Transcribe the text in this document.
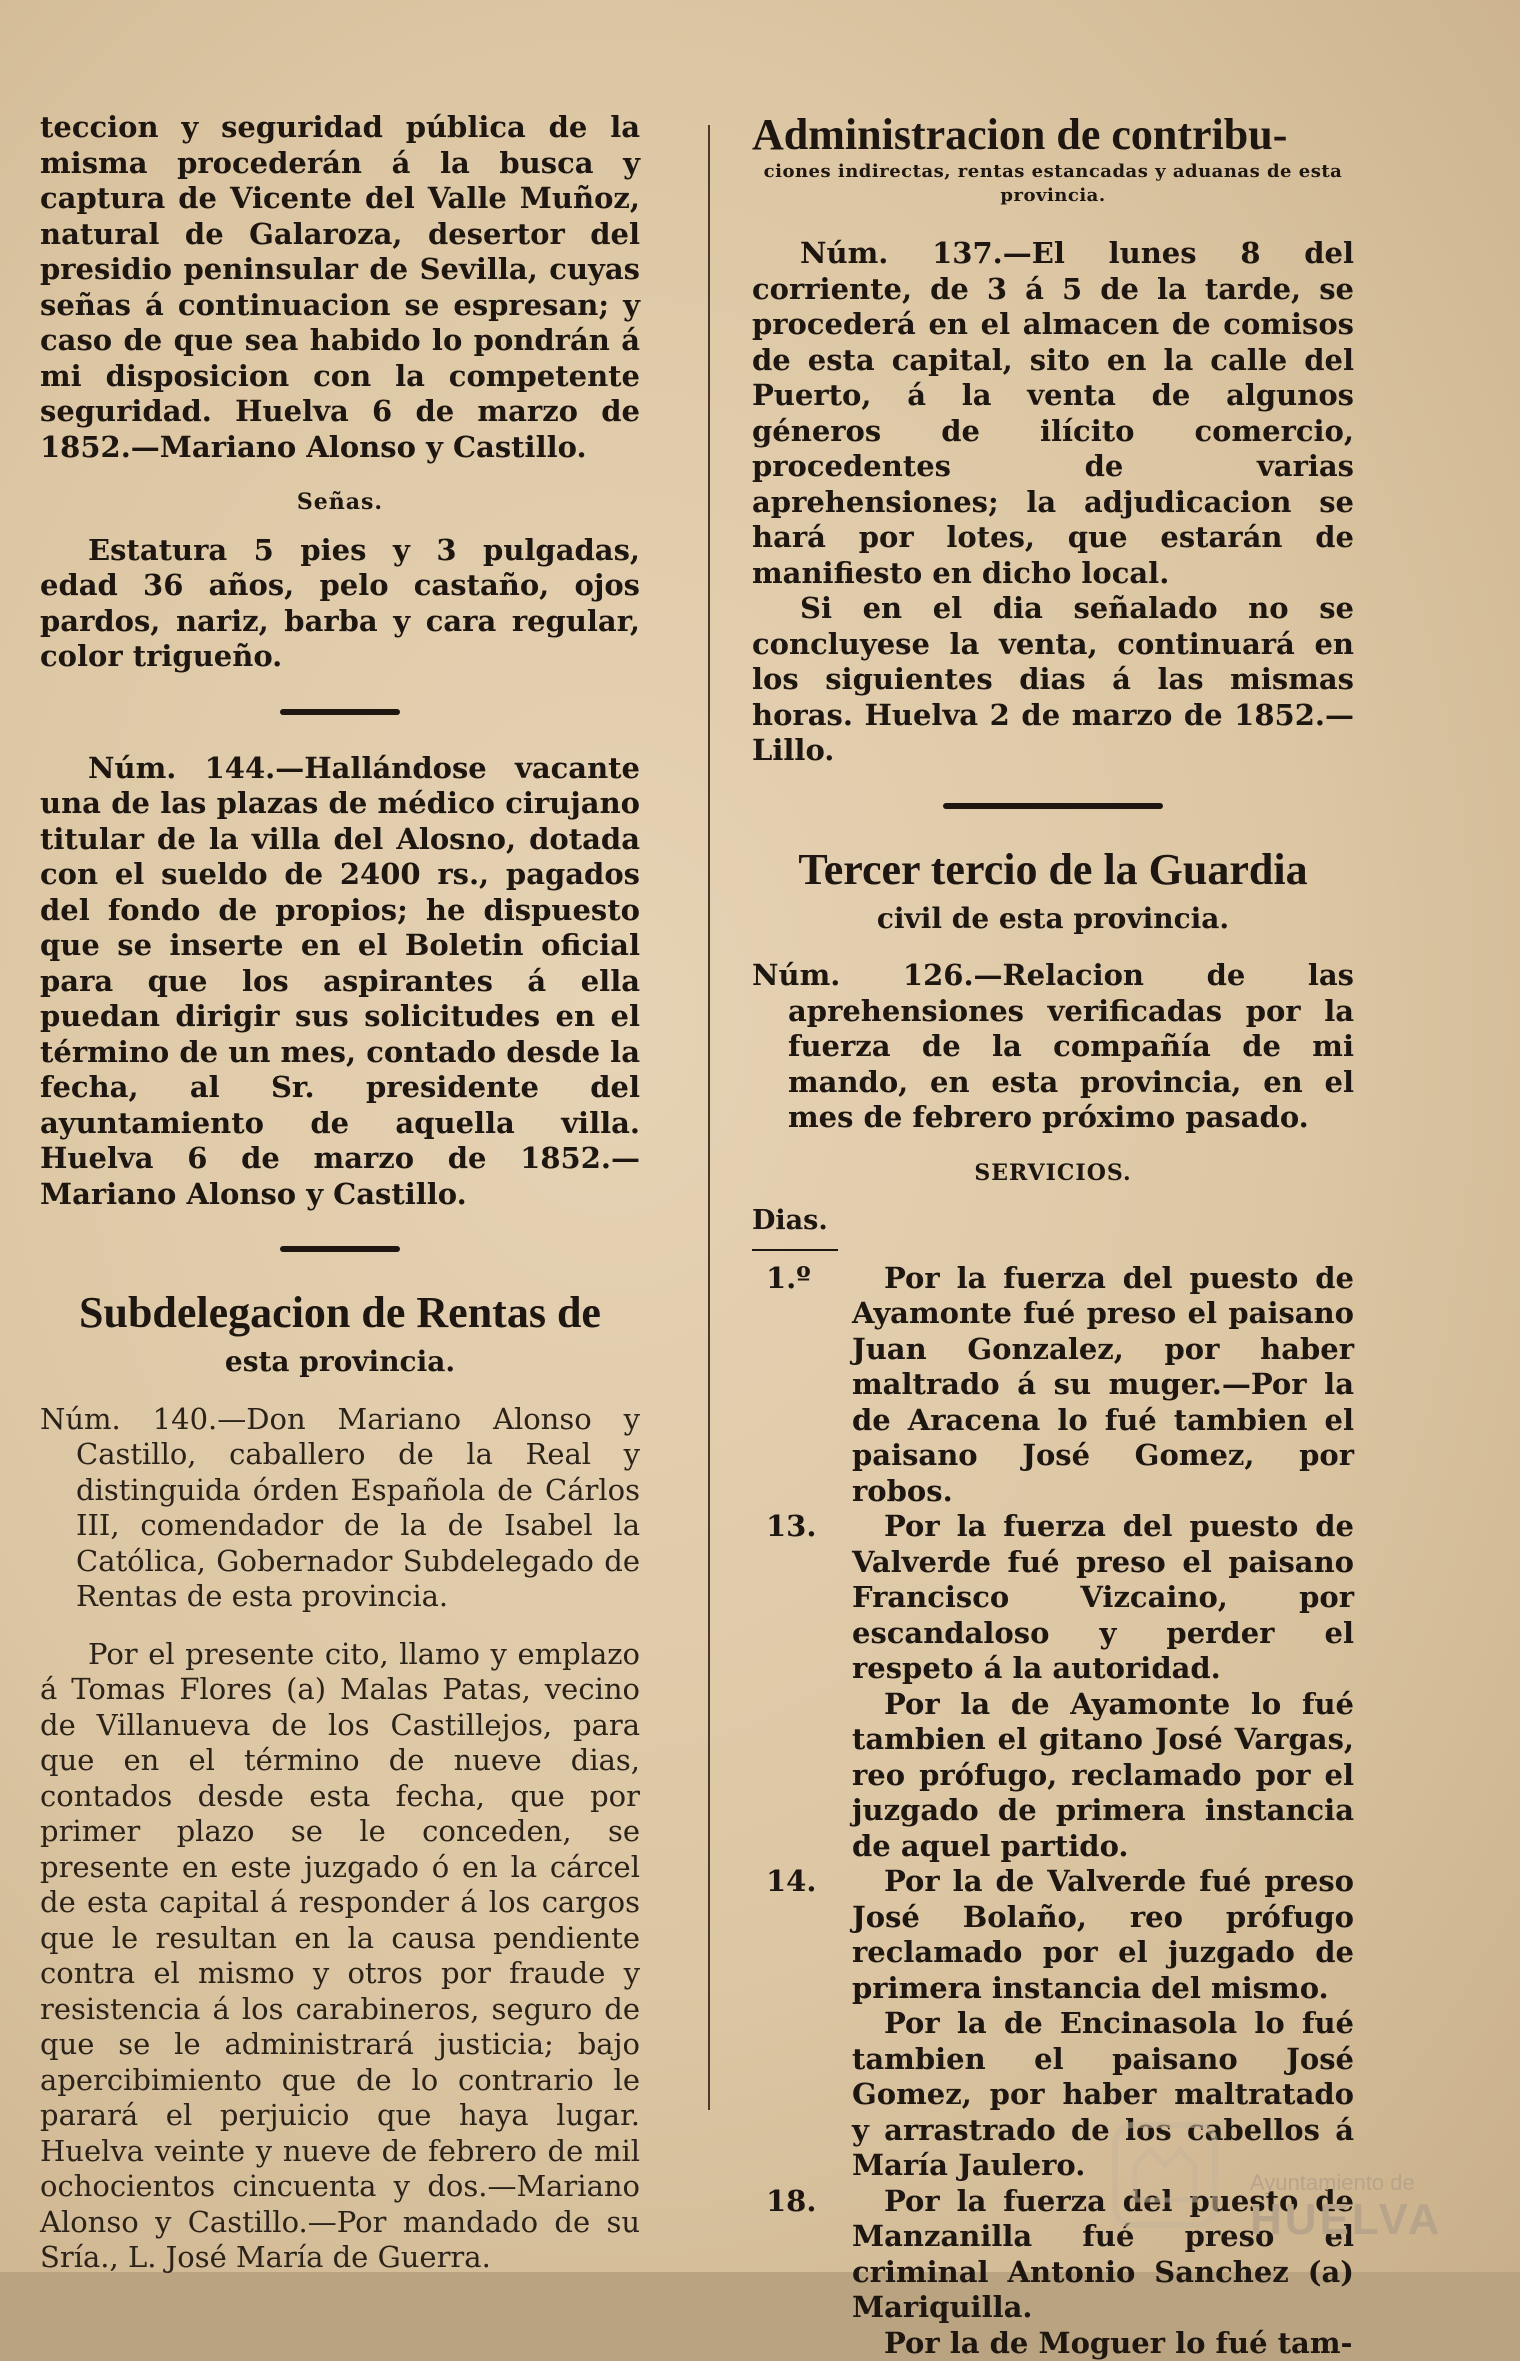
teccion y seguridad pública de la misma procederán á la busca y captura de Vicente del Valle Muñoz, natural de Galaroza, desertor del presidio peninsular de Sevilla, cuyas señas á continuacion se espresan; y caso de que sea habido lo pondrán á mi disposicion con la competente seguridad. Huelva 6 de marzo de 1852.—Mariano Alonso y Castillo.

Señas.

Estatura 5 pies y 3 pulgadas, edad 36 años, pelo castaño, ojos pardos, nariz, barba y cara regular, color trigueño.

Núm. 144.—Hallándose vacante una de las plazas de médico cirujano titular de la villa del Alosno, dotada con el sueldo de 2400 rs., pagados del fondo de propios; he dispuesto que se inserte en el Boletin oficial para que los aspirantes á ella puedan dirigir sus solicitudes en el término de un mes, contado desde la fecha, al Sr. presidente del ayuntamiento de aquella villa. Huelva 6 de marzo de 1852.—Mariano Alonso y Castillo.

Subdelegacion de Rentas de
esta provincia.

Núm. 140.—Don Mariano Alonso y Castillo, caballero de la Real y distinguida órden Española de Cárlos III, comendador de la de Isabel la Católica, Gobernador Subdelegado de Rentas de esta provincia.

Por el presente cito, llamo y emplazo á Tomas Flores (a) Malas Patas, vecino de Villanueva de los Castillejos, para que en el término de nueve dias, contados desde esta fecha, que por primer plazo se le conceden, se presente en este juzgado ó en la cárcel de esta capital á responder á los cargos que le resultan en la causa pendiente contra el mismo y otros por fraude y resistencia á los carabineros, seguro de que se le administrará justicia; bajo apercibimiento que de lo contrario le parará el perjuicio que haya lugar. Huelva veinte y nueve de febrero de mil ochocientos cincuenta y dos.—Mariano Alonso y Castillo.—Por mandado de su Sría., L. José María de Guerra.

Administracion de contribu-
ciones indirectas, rentas estancadas y aduanas de esta provincia.

Núm. 137.—El lunes 8 del corriente, de 3 á 5 de la tarde, se procederá en el almacen de comisos de esta capital, sito en la calle del Puerto, á la venta de algunos géneros de ilícito comercio, procedentes de varias aprehensiones; la adjudicacion se hará por lotes, que estarán de manifiesto en dicho local.

Si en el dia señalado no se concluyese la venta, continuará en los siguientes dias á las mismas horas. Huelva 2 de marzo de 1852.—Lillo.

Tercer tercio de la Guardia
civil de esta provincia.

Núm. 126.—Relacion de las aprehensiones verificadas por la fuerza de la compañía de mi mando, en esta provincia, en el mes de febrero próximo pasado.

SERVICIOS.
Dias.
1.º	Por la fuerza del puesto de Ayamonte fué preso el paisano Juan Gonzalez, por haber maltrado á su muger.—Por la de Aracena lo fué tambien el paisano José Gomez, por robos.

13.	Por la fuerza del puesto de Valverde fué preso el paisano Francisco Vizcaino, por escandaloso y perder el respeto á la autoridad.

Por la de Ayamonte lo fué tambien el gitano José Vargas, reo prófugo, reclamado por el juzgado de primera instancia de aquel partido.

14.	Por la de Valverde fué preso José Bolaño, reo prófugo reclamado por el juzgado de primera instancia del mismo.

Por la de Encinasola lo fué tambien el paisano José Gomez, por haber maltratado y arrastrado de los cabellos á María Jaulero.

18.	Por la fuerza del puesto de Manzanilla fué preso el criminal Antonio Sanchez (a) Mariquilla.

Por la de Moguer lo fué tam-

Ayuntamiento de
HUELVA
